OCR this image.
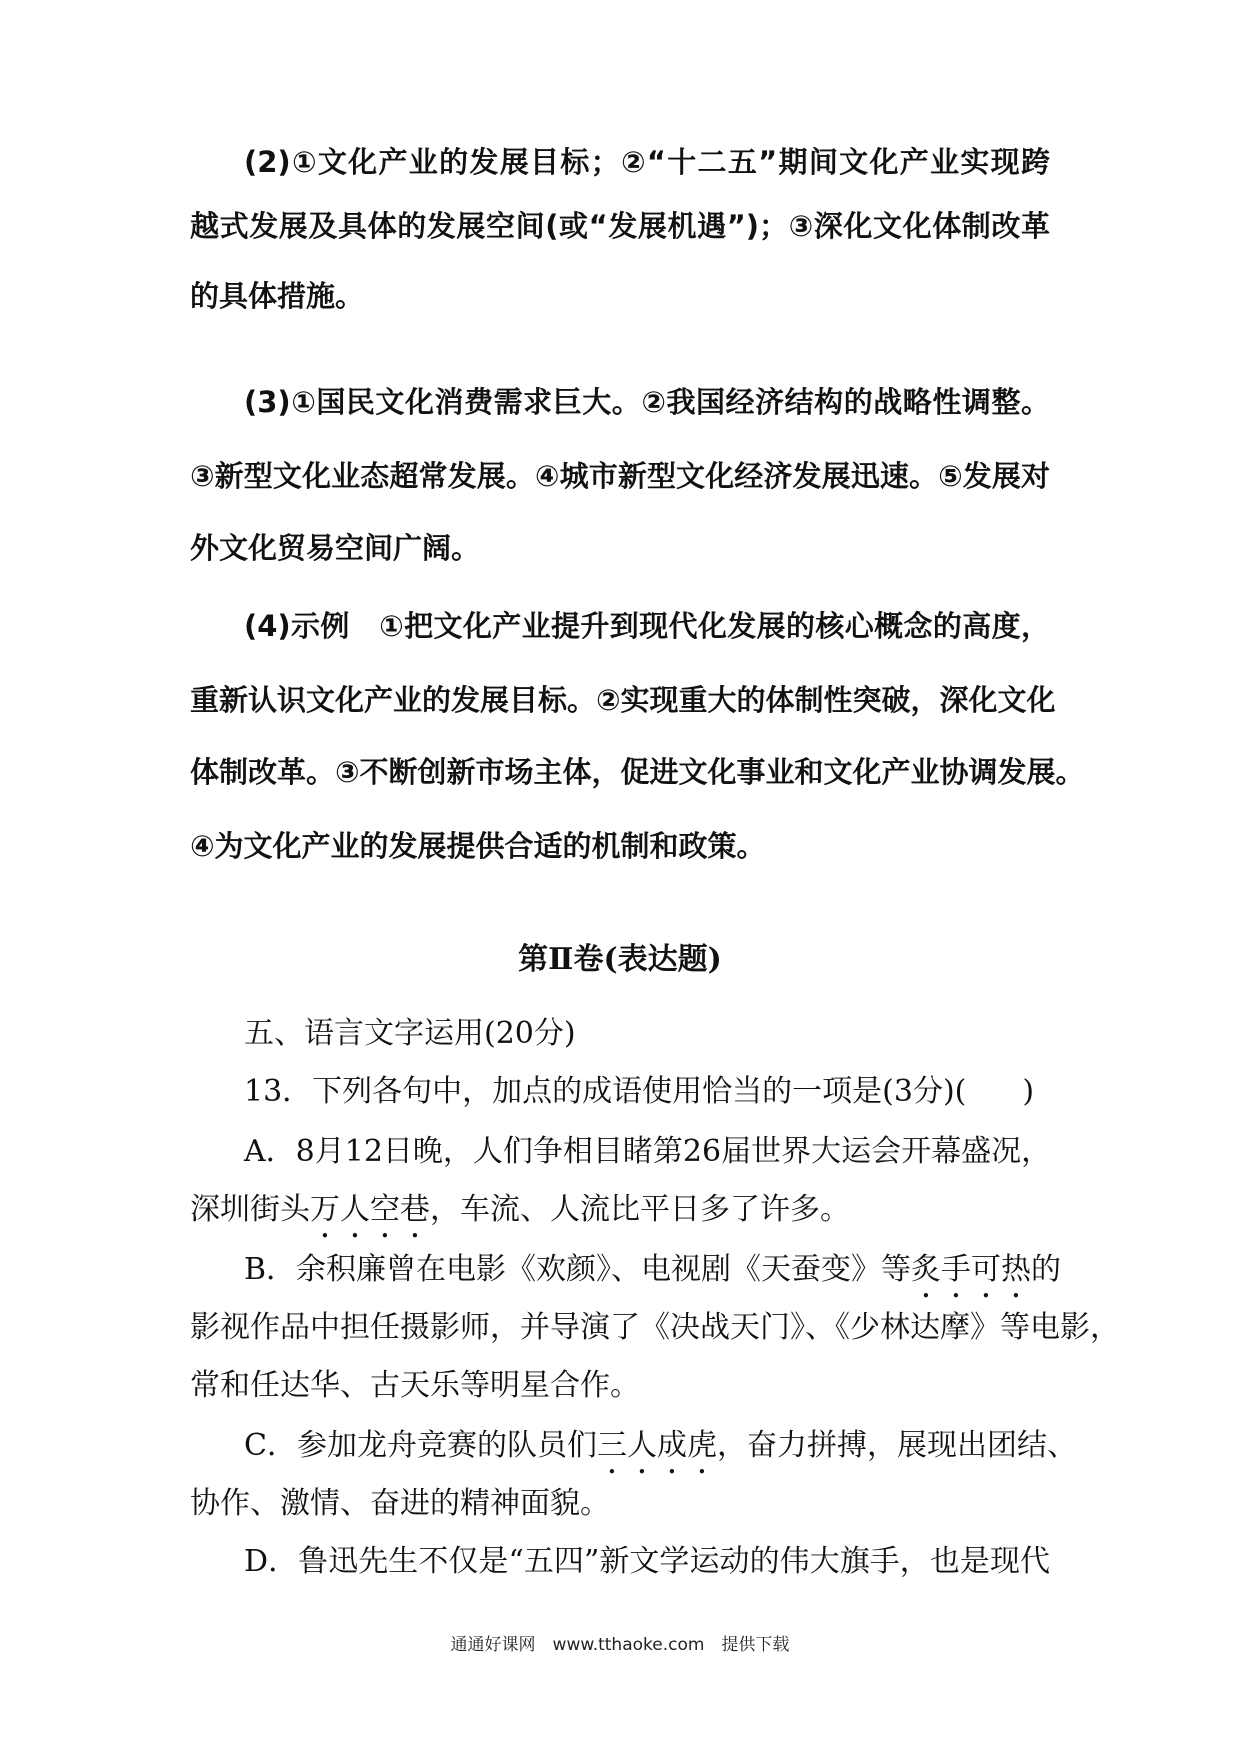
(2)①文化产业的发展目标；②“十二五”期间文化产业实现跨
越式发展及具体的发展空间(或“发展机遇”)；③深化文化体制改革
的具体措施。
(3)①国民文化消费需求巨大。②我国经济结构的战略性调整。
③新型文化业态超常发展。④城市新型文化经济发展迅速。⑤发展对
外文化贸易空间广阔。
(4)示例　①把文化产业提升到现代化发展的核心概念的高度，
重新认识文化产业的发展目标。②实现重大的体制性突破，深化文化
体制改革。③不断创新市场主体，促进文化事业和文化产业协调发展。
④为文化产业的发展提供合适的机制和政策。
第Ⅱ卷(表达题)
五、语言文字运用(20分)
13．下列各句中，加点的成语使用恰当的一项是(3分)( )
A．8月12日晚，人们争相目睹第26届世界大运会开幕盛况，
深圳街头万人空巷，车流、人流比平日多了许多。
B．余积廉曾在电影《欢颜》、电视剧《天蚕变》等炙手可热的
影视作品中担任摄影师，并导演了《决战天门》、《少林达摩》等电影，
常和任达华、古天乐等明星合作。
C．参加龙舟竞赛的队员们三人成虎，奋力拼搏，展现出团结、
协作、激情、奋进的精神面貌。
D．鲁迅先生不仅是“五四”新文学运动的伟大旗手，也是现代
通通好课网　www.tthaoke.com　提供下载
